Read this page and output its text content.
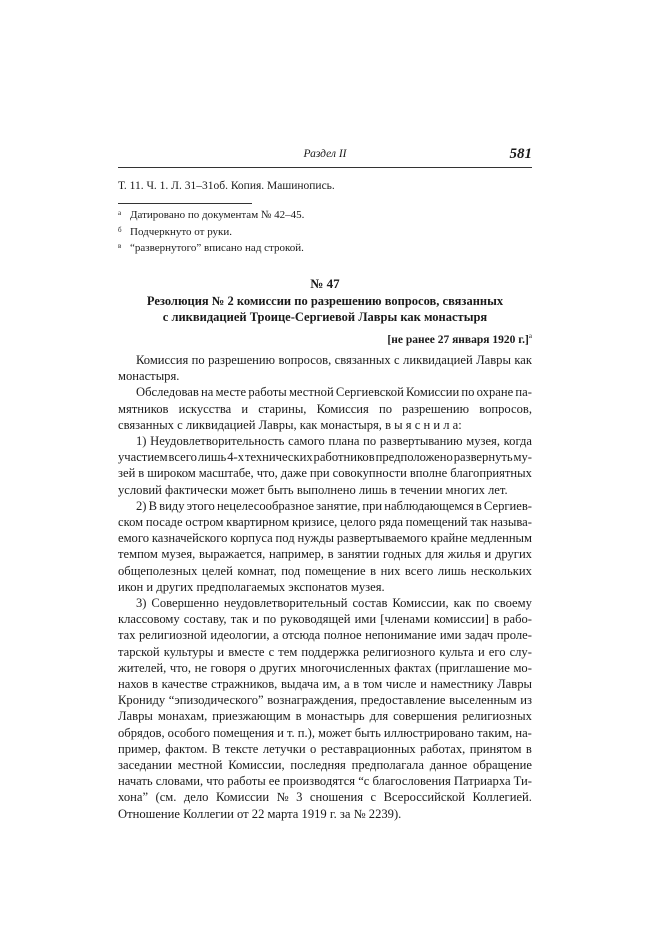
Раздел II	581
Т. 11. Ч. 1. Л. 31–31об. Копия. Машинопись.
а Датировано по документам № 42–45.
б Подчеркнуто от руки.
в “развернутого” вписано над строкой.
№ 47
Резолюция № 2 комиссии по разрешению вопросов, связанных
с ликвидацией Троице-Сергиевой Лавры как монастыря
[не ранее 27 января 1920 г.]$^а$
Комиссия по разрешению вопросов, связанных с ликвидацией Лавры как
монастыря.
Обследовав на месте работы местной Сергиевской Комиссии по охране па-
мятников искусства и старины, Комиссия по разрешению вопросов,
связанных с ликвидацией Лавры, как монастыря, в ы я с н и л а:
1) Неудовлетворительность самого плана по развертыванию музея, когда
участием всего лишь 4-х технических работников предположено развернуть му-
зей в широком масштабе, что, даже при совокупности вполне благоприятных
условий фактически может быть выполнено лишь в течении многих лет.
2) В виду этого нецелесообразное занятие, при наблюдающемся в Сергиев-
ском посаде остром квартирном кризисе, целого ряда помещений так называ-
емого казначейского корпуса под нужды развертываемого крайне медленным
темпом музея, выражается, например, в занятии годных для жилья и других
общеполезных целей комнат, под помещение в них всего лишь нескольких
икон и других предполагаемых экспонатов музея.
3) Совершенно неудовлетворительный состав Комиссии, как по своему
классовому составу, так и по руководящей ими [членами комиссии] в рабо-
тах религиозной идеологии, а отсюда полное непонимание ими задач проле-
тарской культуры и вместе с тем поддержка религиозного культа и его слу-
жителей, что, не говоря о других многочисленных фактах (приглашение мо-
нахов в качестве стражников, выдача им, а в том числе и наместнику Лавры
Крониду “эпизодического” вознаграждения, предоставление выселенным из
Лавры монахам, приезжающим в монастырь для совершения религиозных
обрядов, особого помещения и т. п.), может быть иллюстрировано таким, на-
пример, фактом. В тексте летучки о реставрационных работах, принятом в
заседании местной Комиссии, последняя предполагала данное обращение
начать словами, что работы ее производятся “с благословения Патриарха Ти-
хона” (см. дело Комиссии № 3 сношения с Всероссийской Коллегией.
Отношение Коллегии от 22 марта 1919 г. за № 2239).
